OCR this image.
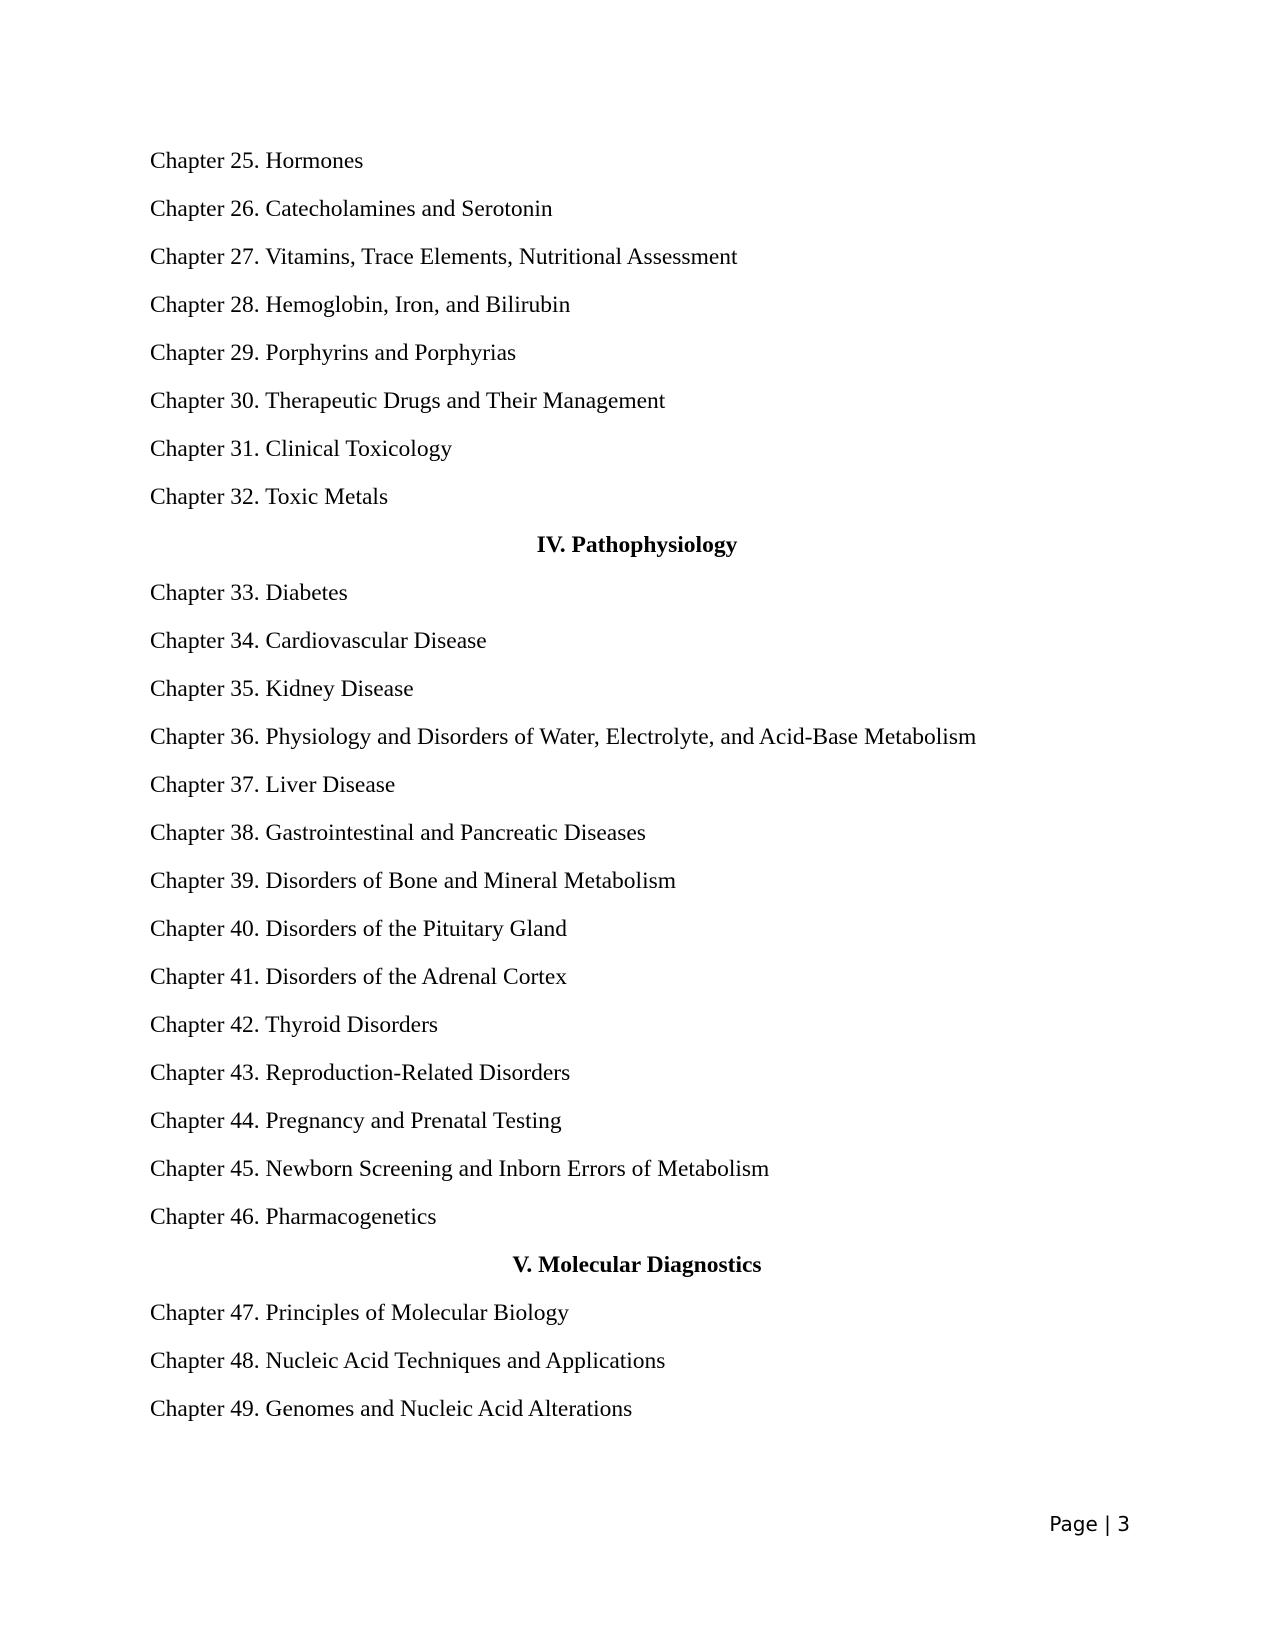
Chapter 25. Hormones
Chapter 26. Catecholamines and Serotonin
Chapter 27. Vitamins, Trace Elements, Nutritional Assessment
Chapter 28. Hemoglobin, Iron, and Bilirubin
Chapter 29. Porphyrins and Porphyrias
Chapter 30. Therapeutic Drugs and Their Management
Chapter 31. Clinical Toxicology
Chapter 32. Toxic Metals
IV. Pathophysiology
Chapter 33. Diabetes
Chapter 34. Cardiovascular Disease
Chapter 35. Kidney Disease
Chapter 36. Physiology and Disorders of Water, Electrolyte, and Acid-Base Metabolism
Chapter 37. Liver Disease
Chapter 38. Gastrointestinal and Pancreatic Diseases
Chapter 39. Disorders of Bone and Mineral Metabolism
Chapter 40. Disorders of the Pituitary Gland
Chapter 41. Disorders of the Adrenal Cortex
Chapter 42. Thyroid Disorders
Chapter 43. Reproduction-Related Disorders
Chapter 44. Pregnancy and Prenatal Testing
Chapter 45. Newborn Screening and Inborn Errors of Metabolism
Chapter 46. Pharmacogenetics
V. Molecular Diagnostics
Chapter 47. Principles of Molecular Biology
Chapter 48. Nucleic Acid Techniques and Applications
Chapter 49. Genomes and Nucleic Acid Alterations
Page | 3
